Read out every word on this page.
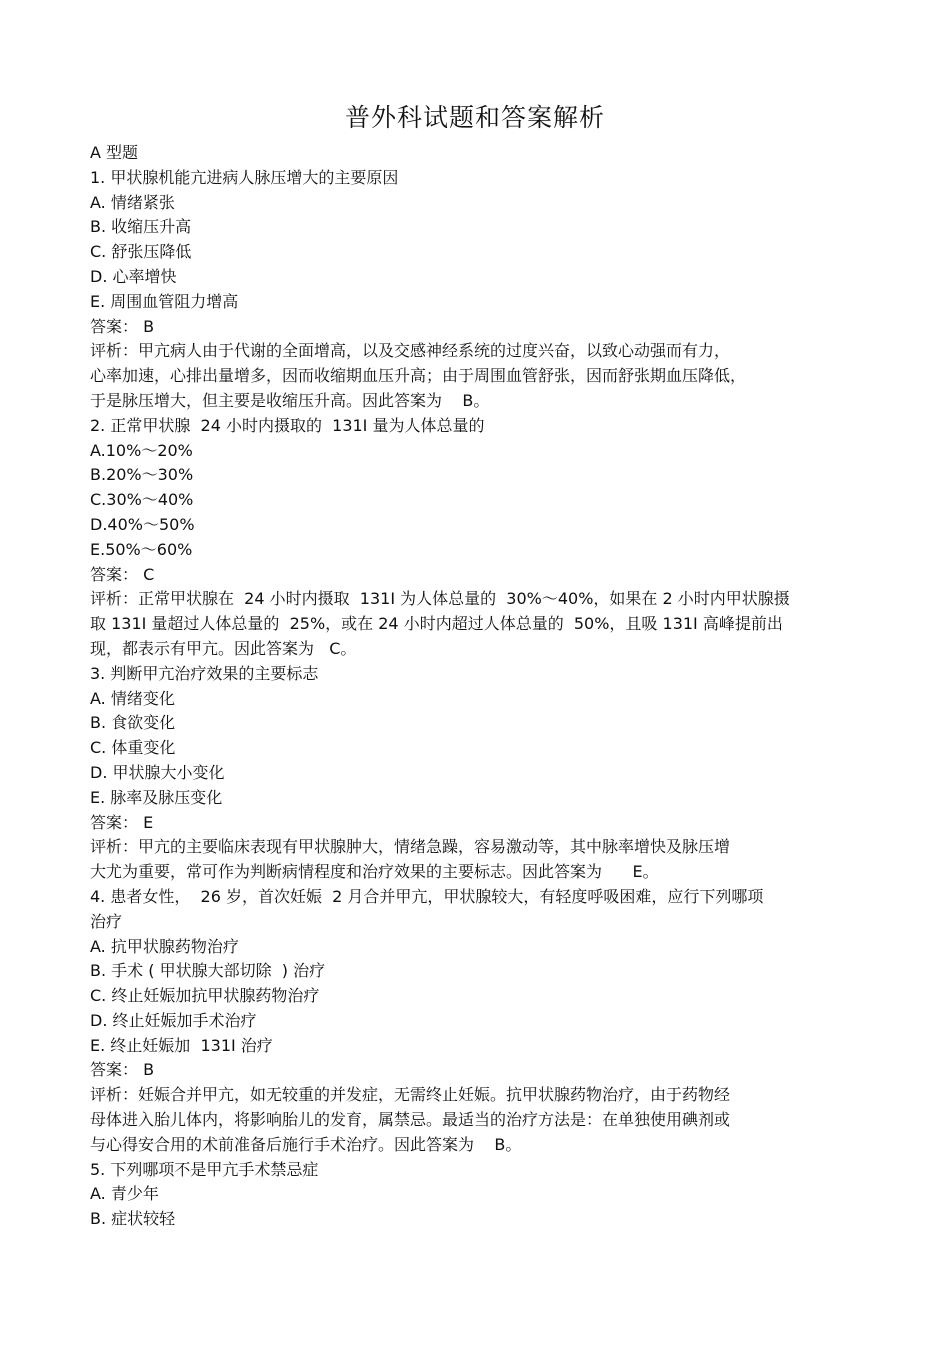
普外科试题和答案解析
A 型题
1. 甲状腺机能亢进病人脉压增大的主要原因
A. 情绪紧张
B. 收缩压升高
C. 舒张压降低
D. 心率增快
E. 周围血管阻力增高
答案： B
评析：甲亢病人由于代谢的全面增高，以及交感神经系统的过度兴奋，以致心动强而有力，
心率加速，心排出量增多，因而收缩期血压升高；由于周围血管舒张，因而舒张期血压降低，
于是脉压增大，但主要是收缩压升高。因此答案为    B。
2. 正常甲状腺  24 小时内摄取的  131I 量为人体总量的
A.10%～20%
B.20%～30%
C.30%～40%
D.40%～50%
E.50%～60%
答案： C
评析：正常甲状腺在  24 小时内摄取  131I 为人体总量的  30%～40%，如果在 2 小时内甲状腺摄
取 131I 量超过人体总量的  25%，或在 24 小时内超过人体总量的  50%，且吸 131I 高峰提前出
现，都表示有甲亢。因此答案为   C。
3. 判断甲亢治疗效果的主要标志
A. 情绪变化
B. 食欲变化
C. 体重变化
D. 甲状腺大小变化
E. 脉率及脉压变化
答案： E
评析：甲亢的主要临床表现有甲状腺肿大，情绪急躁，容易激动等，其中脉率增快及脉压增
大尤为重要，常可作为判断病情程度和治疗效果的主要标志。因此答案为      E。
4. 患者女性，  26 岁，首次妊娠  2 月合并甲亢，甲状腺较大，有轻度呼吸困难，应行下列哪项
治疗
A. 抗甲状腺药物治疗
B. 手术 ( 甲状腺大部切除  ) 治疗
C. 终止妊娠加抗甲状腺药物治疗
D. 终止妊娠加手术治疗
E. 终止妊娠加  131I 治疗
答案： B
评析：妊娠合并甲亢，如无较重的并发症，无需终止妊娠。抗甲状腺药物治疗，由于药物经
母体进入胎儿体内，将影响胎儿的发育，属禁忌。最适当的治疗方法是：在单独使用碘剂或
与心得安合用的术前准备后施行手术治疗。因此答案为    B。
5. 下列哪项不是甲亢手术禁忌症
A. 青少年
B. 症状较轻
